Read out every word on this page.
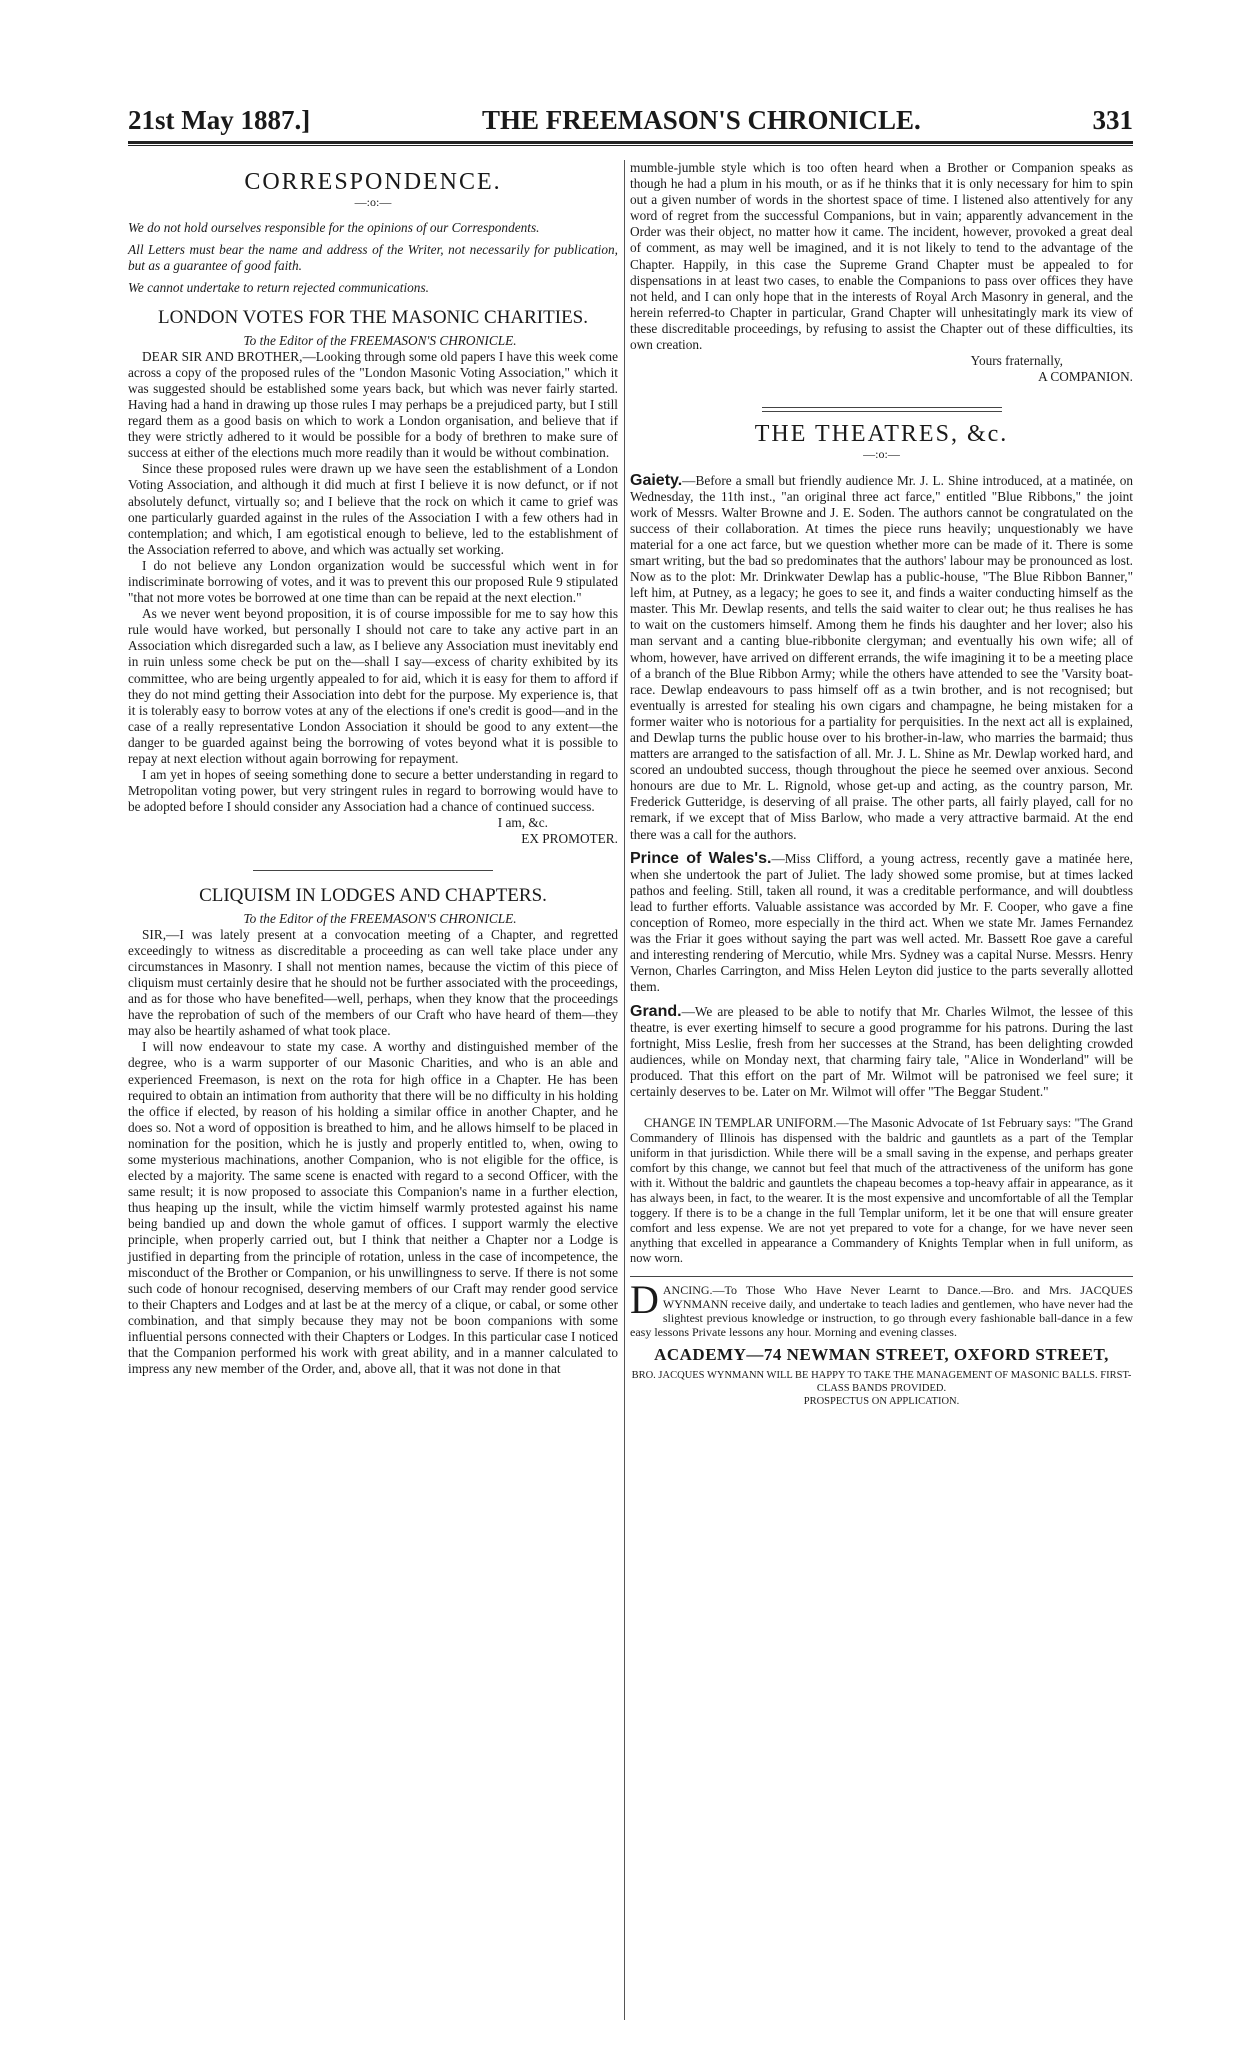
21st May 1887.]	THE FREEMASON'S CHRONICLE.	331
CORRESPONDENCE.
—:o:—

We do not hold ourselves responsible for the opinions of our Correspondents.

All Letters must bear the name and address of the Writer, not necessarily for publication, but as a guarantee of good faith.

We cannot undertake to return rejected communications.

LONDON VOTES FOR THE MASONIC CHARITIES.

To the Editor of the FREEMASON'S CHRONICLE.

DEAR SIR AND BROTHER,—Looking through some old papers I have this week come across a copy of the proposed rules of the "London Masonic Voting Association," which it was suggested should be established some years back, but which was never fairly started. Having had a hand in drawing up those rules I may perhaps be a prejudiced party, but I still regard them as a good basis on which to work a London organisation, and believe that if they were strictly adhered to it would be possible for a body of brethren to make sure of success at either of the elections much more readily than it would be without combination.

Since these proposed rules were drawn up we have seen the establishment of a London Voting Association, and although it did much at first I believe it is now defunct, or if not absolutely defunct, virtually so; and I believe that the rock on which it came to grief was one particularly guarded against in the rules of the Association I with a few others had in contemplation; and which, I am egotistical enough to believe, led to the establishment of the Association referred to above, and which was actually set working.

I do not believe any London organization would be successful which went in for indiscriminate borrowing of votes, and it was to prevent this our proposed Rule 9 stipulated "that not more votes be borrowed at one time than can be repaid at the next election."

As we never went beyond proposition, it is of course impossible for me to say how this rule would have worked, but personally I should not care to take any active part in an Association which disregarded such a law, as I believe any Association must inevitably end in ruin unless some check be put on the—shall I say—excess of charity exhibited by its committee, who are being urgently appealed to for aid, which it is easy for them to afford if they do not mind getting their Association into debt for the purpose. My experience is, that it is tolerably easy to borrow votes at any of the elections if one's credit is good—and in the case of a really representative London Association it should be good to any extent—the danger to be guarded against being the borrowing of votes beyond what it is possible to repay at next election without again borrowing for repayment.

I am yet in hopes of seeing something done to secure a better understanding in regard to Metropolitan voting power, but very stringent rules in regard to borrowing would have to be adopted before I should consider any Association had a chance of continued success.

I am, &c.

EX PROMOTER.

CLIQUISM IN LODGES AND CHAPTERS.

To the Editor of the FREEMASON'S CHRONICLE.

SIR,—I was lately present at a convocation meeting of a Chapter, and regretted exceedingly to witness as discreditable a proceeding as can well take place under any circumstances in Masonry. I shall not mention names, because the victim of this piece of cliquism must certainly desire that he should not be further associated with the proceedings, and as for those who have benefited—well, perhaps, when they know that the proceedings have the reprobation of such of the members of our Craft who have heard of them—they may also be heartily ashamed of what took place.

I will now endeavour to state my case. A worthy and distinguished member of the degree, who is a warm supporter of our Masonic Charities, and who is an able and experienced Freemason, is next on the rota for high office in a Chapter. He has been required to obtain an intimation from authority that there will be no difficulty in his holding the office if elected, by reason of his holding a similar office in another Chapter, and he does so. Not a word of opposition is breathed to him, and he allows himself to be placed in nomination for the position, which he is justly and properly entitled to, when, owing to some mysterious machinations, another Companion, who is not eligible for the office, is elected by a majority. The same scene is enacted with regard to a second Officer, with the same result; it is now proposed to associate this Companion's name in a further election, thus heaping up the insult, while the victim himself warmly protested against his name being bandied up and down the whole gamut of offices. I support warmly the elective principle, when properly carried out, but I think that neither a Chapter nor a Lodge is justified in departing from the principle of rotation, unless in the case of incompetence, the misconduct of the Brother or Companion, or his unwillingness to serve. If there is not some such code of honour recognised, deserving members of our Craft may render good service to their Chapters and Lodges and at last be at the mercy of a clique, or cabal, or some other combination, and that simply because they may not be boon companions with some influential persons connected with their Chapters or Lodges. In this particular case I noticed that the Companion performed his work with great ability, and in a manner calculated to impress any new member of the Order, and, above all, that it was not done in that

mumble-jumble style which is too often heard when a Brother or Companion speaks as though he had a plum in his mouth, or as if he thinks that it is only necessary for him to spin out a given number of words in the shortest space of time. I listened also attentively for any word of regret from the successful Companions, but in vain; apparently advancement in the Order was their object, no matter how it came. The incident, however, provoked a great deal of comment, as may well be imagined, and it is not likely to tend to the advantage of the Chapter. Happily, in this case the Supreme Grand Chapter must be appealed to for dispensations in at least two cases, to enable the Companions to pass over offices they have not held, and I can only hope that in the interests of Royal Arch Masonry in general, and the herein referred-to Chapter in particular, Grand Chapter will unhesitatingly mark its view of these discreditable proceedings, by refusing to assist the Chapter out of these difficulties, its own creation.

Yours fraternally,

A COMPANION.

THE THEATRES, &c.
—:o:—

Gaiety.—Before a small but friendly audience Mr. J. L. Shine introduced, at a matinée, on Wednesday, the 11th inst., "an original three act farce," entitled "Blue Ribbons," the joint work of Messrs. Walter Browne and J. E. Soden. The authors cannot be congratulated on the success of their collaboration. At times the piece runs heavily; unquestionably we have material for a one act farce, but we question whether more can be made of it. There is some smart writing, but the bad so predominates that the authors' labour may be pronounced as lost. Now as to the plot: Mr. Drinkwater Dewlap has a public-house, "The Blue Ribbon Banner," left him, at Putney, as a legacy; he goes to see it, and finds a waiter conducting himself as the master. This Mr. Dewlap resents, and tells the said waiter to clear out; he thus realises he has to wait on the customers himself. Among them he finds his daughter and her lover; also his man servant and a canting blue-ribbonite clergyman; and eventually his own wife; all of whom, however, have arrived on different errands, the wife imagining it to be a meeting place of a branch of the Blue Ribbon Army; while the others have attended to see the 'Varsity boat-race. Dewlap endeavours to pass himself off as a twin brother, and is not recognised; but eventually is arrested for stealing his own cigars and champagne, he being mistaken for a former waiter who is notorious for a partiality for perquisities. In the next act all is explained, and Dewlap turns the public house over to his brother-in-law, who marries the barmaid; thus matters are arranged to the satisfaction of all. Mr. J. L. Shine as Mr. Dewlap worked hard, and scored an undoubted success, though throughout the piece he seemed over anxious. Second honours are due to Mr. L. Rignold, whose get-up and acting, as the country parson, Mr. Frederick Gutteridge, is deserving of all praise. The other parts, all fairly played, call for no remark, if we except that of Miss Barlow, who made a very attractive barmaid. At the end there was a call for the authors.

Prince of Wales's.—Miss Clifford, a young actress, recently gave a matinée here, when she undertook the part of Juliet. The lady showed some promise, but at times lacked pathos and feeling. Still, taken all round, it was a creditable performance, and will doubtless lead to further efforts. Valuable assistance was accorded by Mr. F. Cooper, who gave a fine conception of Romeo, more especially in the third act. When we state Mr. James Fernandez was the Friar it goes without saying the part was well acted. Mr. Bassett Roe gave a careful and interesting rendering of Mercutio, while Mrs. Sydney was a capital Nurse. Messrs. Henry Vernon, Charles Carrington, and Miss Helen Leyton did justice to the parts severally allotted them.

Grand.—We are pleased to be able to notify that Mr. Charles Wilmot, the lessee of this theatre, is ever exerting himself to secure a good programme for his patrons. During the last fortnight, Miss Leslie, fresh from her successes at the Strand, has been delighting crowded audiences, while on Monday next, that charming fairy tale, "Alice in Wonderland" will be produced. That this effort on the part of Mr. Wilmot will be patronised we feel sure; it certainly deserves to be. Later on Mr. Wilmot will offer "The Beggar Student."

CHANGE IN TEMPLAR UNIFORM.—The Masonic Advocate of 1st February says: "The Grand Commandery of Illinois has dispensed with the baldric and gauntlets as a part of the Templar uniform in that jurisdiction. While there will be a small saving in the expense, and perhaps greater comfort by this change, we cannot but feel that much of the attractiveness of the uniform has gone with it. Without the baldric and gauntlets the chapeau becomes a top-heavy affair in appearance, as it has always been, in fact, to the wearer. It is the most expensive and uncomfortable of all the Templar toggery. If there is to be a change in the full Templar uniform, let it be one that will ensure greater comfort and less expense. We are not yet prepared to vote for a change, for we have never seen anything that excelled in appearance a Commandery of Knights Templar when in full uniform, as now worn.

DANCING.—To Those Who Have Never Learnt to Dance.—Bro. and Mrs. JACQUES WYNMANN receive daily, and undertake to teach ladies and gentlemen, who have never had the slightest previous knowledge or instruction, to go through every fashionable ball-dance in a few easy lessons Private lessons any hour. Morning and evening classes.

ACADEMY—74 NEWMAN STREET, OXFORD STREET,
BRO. JACQUES WYNMANN WILL BE HAPPY TO TAKE THE MANAGEMENT OF MASONIC BALLS. FIRST-CLASS BANDS PROVIDED.
PROSPECTUS ON APPLICATION.
